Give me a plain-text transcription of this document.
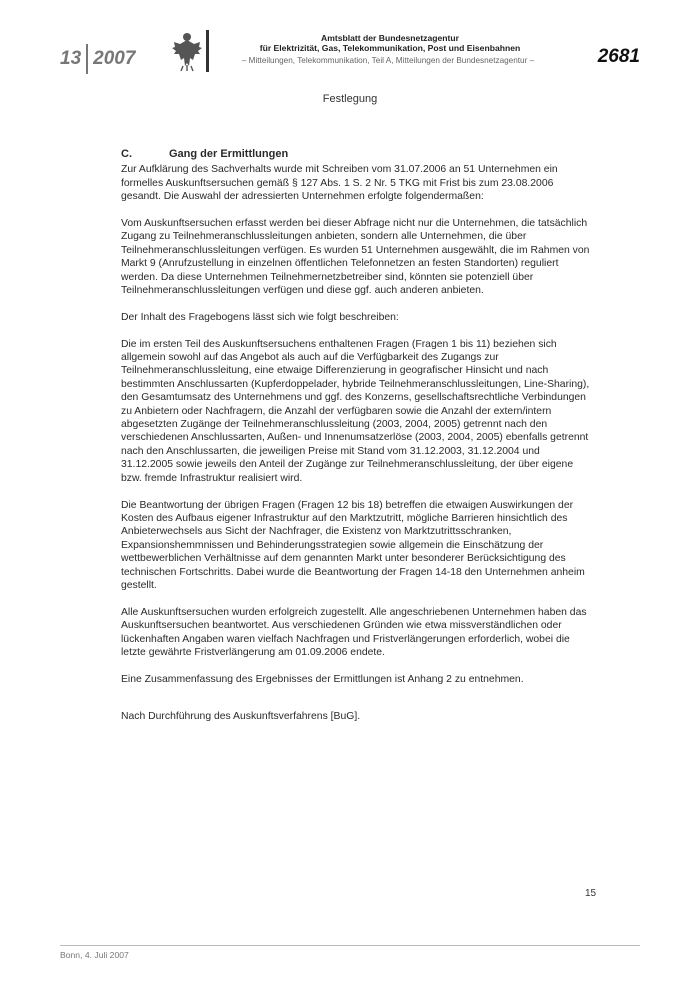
13 2007
Amtsblatt der Bundesnetzagentur
für Elektrizität, Gas, Telekommunikation, Post und Eisenbahnen
– Mitteilungen, Telekommunikation, Teil A, Mitteilungen der Bundesnetzagentur –	2681
Festlegung
C.	Gang der Ermittlungen

Zur Aufklärung des Sachverhalts wurde mit Schreiben vom 31.07.2006 an 51 Unternehmen ein formelles Auskunftsersuchen gemäß § 127 Abs. 1 S. 2 Nr. 5 TKG mit Frist bis zum 23.08.2006 gesandt. Die Auswahl der adressierten Unternehmen erfolgte folgendermaßen:

Vom Auskunftsersuchen erfasst werden bei dieser Abfrage nicht nur die Unternehmen, die tatsächlich Zugang zu Teilnehmeranschlussleitungen anbieten, sondern alle Unternehmen, die über Teilnehmeranschlussleitungen verfügen. Es wurden 51 Unternehmen ausgewählt, die im Rahmen von Markt 9 (Anrufzustellung in einzelnen öffentlichen Telefonnetzen an festen Standorten) reguliert werden. Da diese Unternehmen Teilnehmernetzbetreiber sind, könnten sie potenziell über Teilnehmeranschlussleitungen verfügen und diese ggf. auch anderen anbieten.

Der Inhalt des Fragebogens lässt sich wie folgt beschreiben:

Die im ersten Teil des Auskunftsersuchens enthaltenen Fragen (Fragen 1 bis 11) beziehen sich allgemein sowohl auf das Angebot als auch auf die Verfügbarkeit des Zugangs zur Teilnehmeranschlussleitung, eine etwaige Differenzierung in geografischer Hinsicht und nach bestimmten Anschlussarten (Kupferdoppelader, hybride Teilnehmeranschlussleitungen, Line-Sharing), den Gesamtumsatz des Unternehmens und ggf. des Konzerns, gesellschaftsrechtliche Verbindungen zu Anbietern oder Nachfragern, die Anzahl der verfügbaren sowie die Anzahl der extern/intern abgesetzten Zugänge der Teilnehmeranschlussleitung (2003, 2004, 2005) getrennt nach den verschiedenen Anschlussarten, Außen- und Innenumsatzerlöse (2003, 2004, 2005) ebenfalls getrennt nach den Anschlussarten, die jeweiligen Preise mit Stand vom 31.12.2003, 31.12.2004 und 31.12.2005 sowie jeweils den Anteil der Zugänge zur Teilnehmeranschlussleitung, der über eigene bzw. fremde Infrastruktur realisiert wird.

Die Beantwortung der übrigen Fragen (Fragen 12 bis 18) betreffen die etwaigen Auswirkungen der Kosten des Aufbaus eigener Infrastruktur auf den Marktzutritt, mögliche Barrieren hinsichtlich des Anbieterwechsels aus Sicht der Nachfrager, die Existenz von Marktzutrittsschranken, Expansionshemmnissen und Behinderungsstrategien sowie allgemein die Einschätzung der wettbewerblichen Verhältnisse auf dem genannten Markt unter besonderer Berücksichtigung des technischen Fortschritts. Dabei wurde die Beantwortung der Fragen 14-18 den Unternehmen anheim gestellt.

Alle Auskunftsersuchen wurden erfolgreich zugestellt. Alle angeschriebenen Unternehmen haben das Auskunftsersuchen beantwortet. Aus verschiedenen Gründen wie etwa missverständlichen oder lückenhaften Angaben waren vielfach Nachfragen und Fristverlängerungen erforderlich, wobei die letzte gewährte Fristverlängerung am 01.09.2006 endete.

Eine Zusammenfassung des Ergebnisses der Ermittlungen ist Anhang 2 zu entnehmen.

Nach Durchführung des Auskunftsverfahrens [BuG].

15
Bonn, 4. Juli 2007
